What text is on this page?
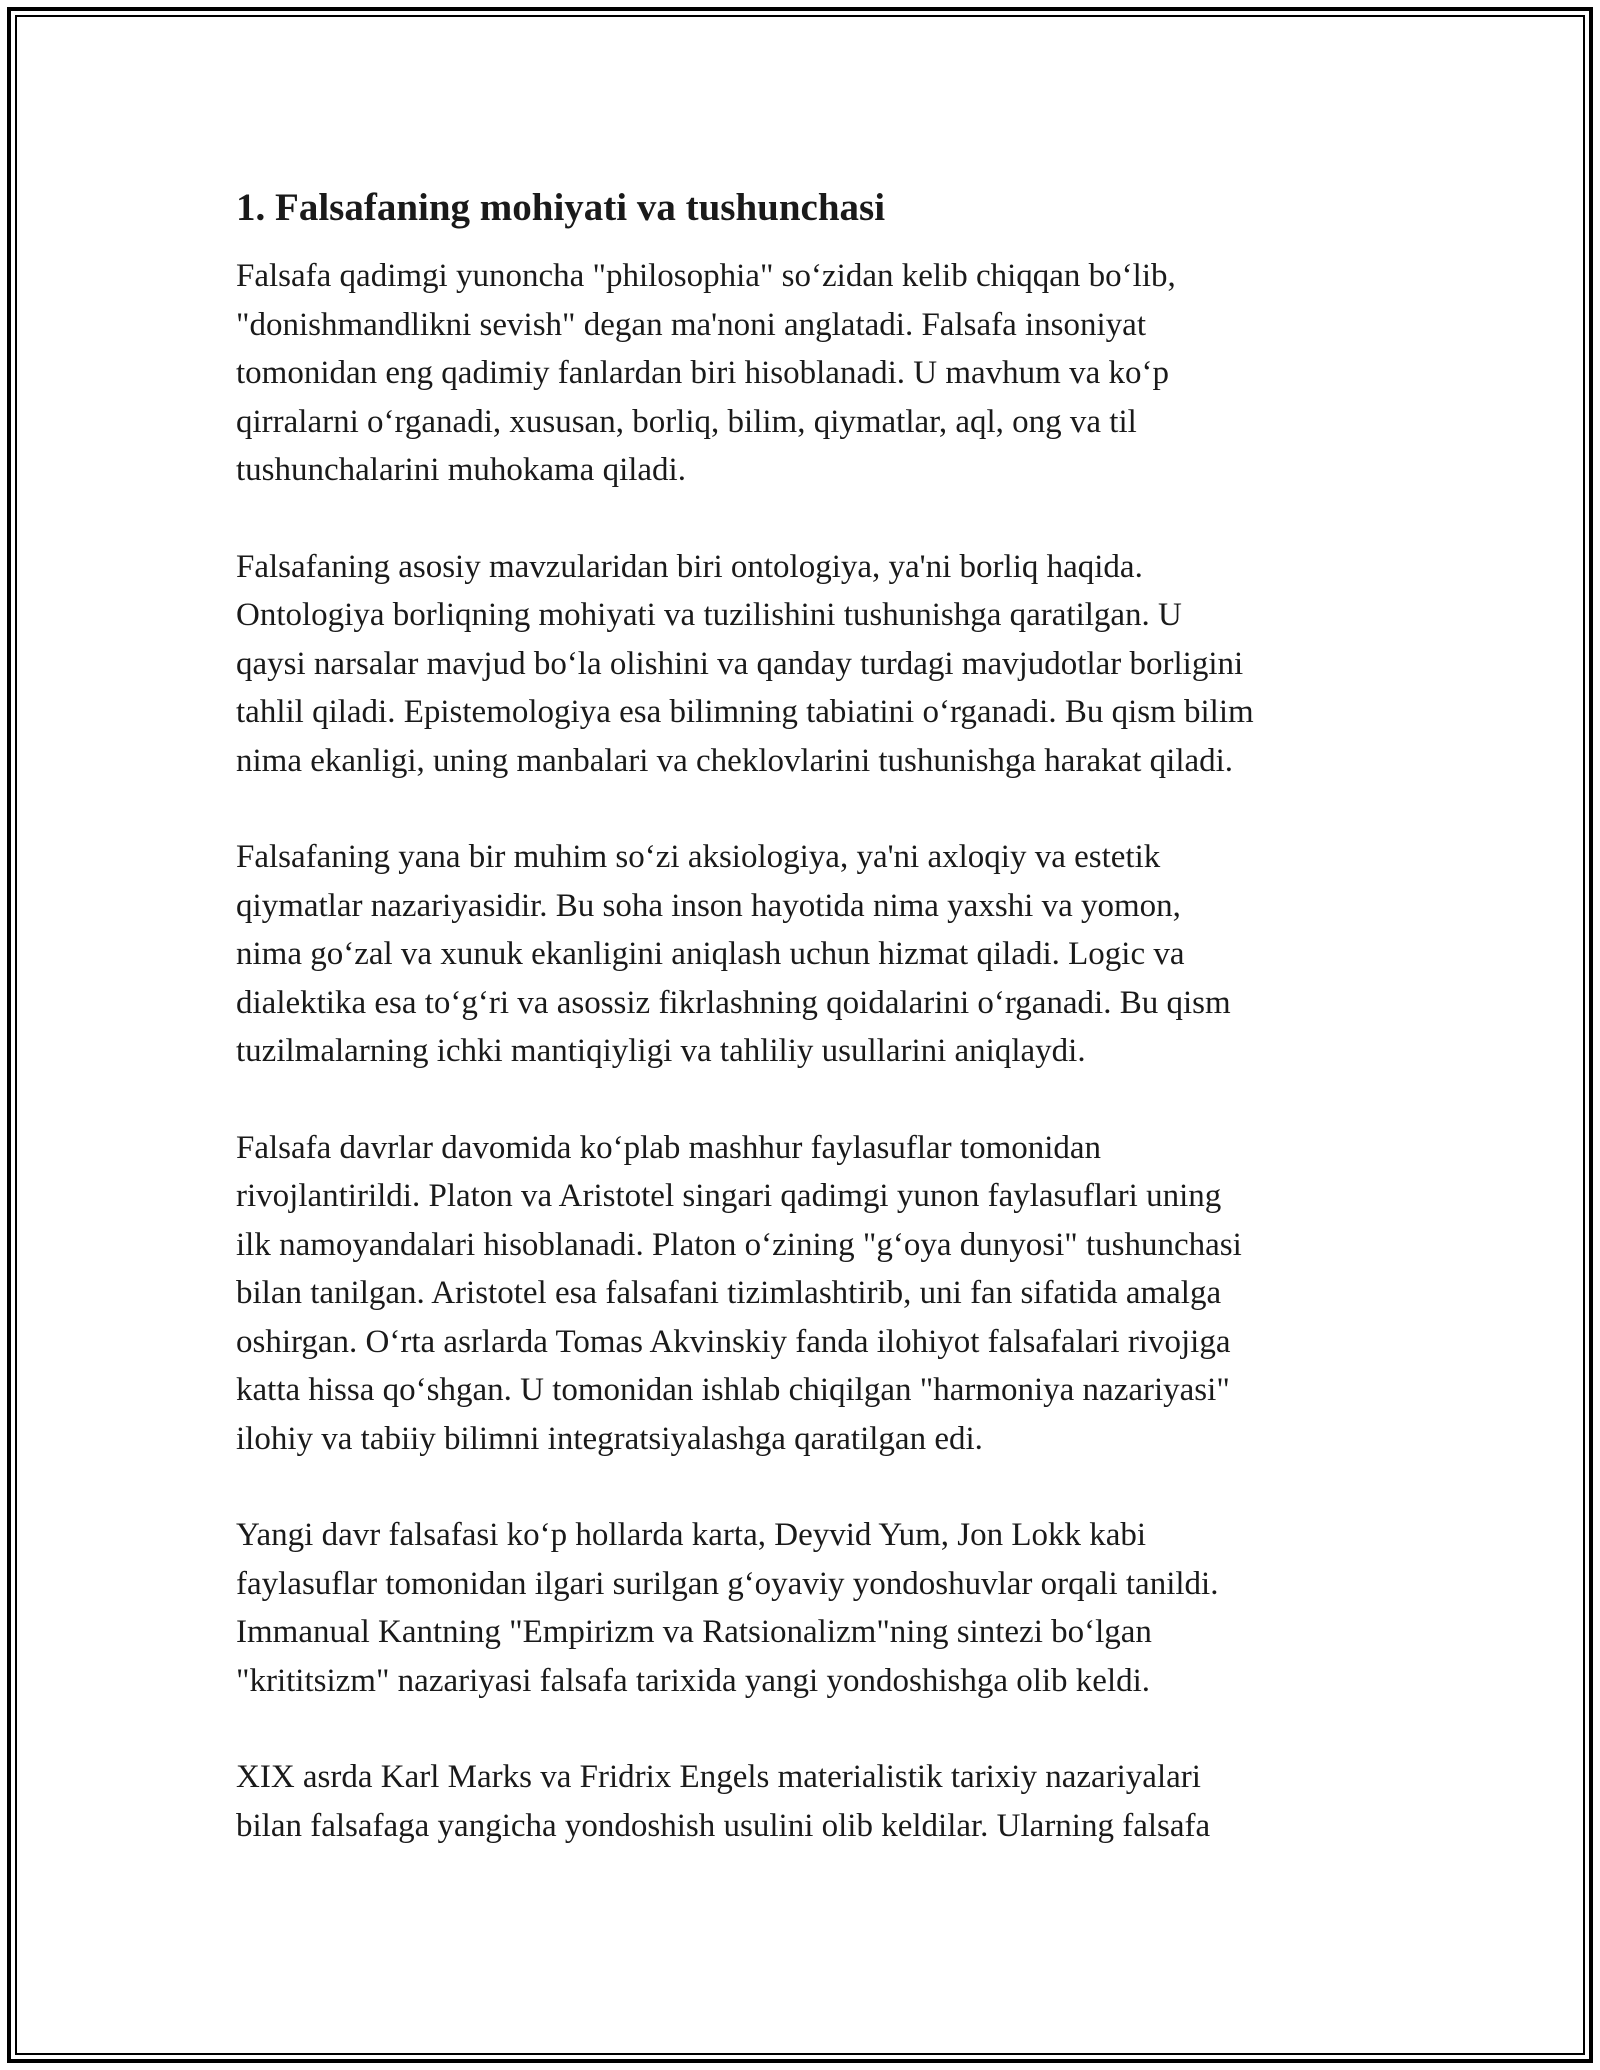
1. Falsafaning mohiyati va tushunchasi

Falsafa qadimgi yunoncha "philosophia" so‘zidan kelib chiqqan bo‘lib,
"donishmandlikni sevish" degan ma'noni anglatadi. Falsafa insoniyat
tomonidan eng qadimiy fanlardan biri hisoblanadi. U mavhum va ko‘p
qirralarni o‘rganadi, xususan, borliq, bilim, qiymatlar, aql, ong va til
tushunchalarini muhokama qiladi.

Falsafaning asosiy mavzularidan biri ontologiya, ya'ni borliq haqida.
Ontologiya borliqning mohiyati va tuzilishini tushunishga qaratilgan. U
qaysi narsalar mavjud bo‘la olishini va qanday turdagi mavjudotlar borligini
tahlil qiladi. Epistemologiya esa bilimning tabiatini o‘rganadi. Bu qism bilim
nima ekanligi, uning manbalari va cheklovlarini tushunishga harakat qiladi.

Falsafaning yana bir muhim so‘zi aksiologiya, ya'ni axloqiy va estetik
qiymatlar nazariyasidir. Bu soha inson hayotida nima yaxshi va yomon,
nima go‘zal va xunuk ekanligini aniqlash uchun hizmat qiladi. Logic va
dialektika esa to‘g‘ri va asossiz fikrlashning qoidalarini o‘rganadi. Bu qism
tuzilmalarning ichki mantiqiyligi va tahliliy usullarini aniqlaydi.

Falsafa davrlar davomida ko‘plab mashhur faylasuflar tomonidan
rivojlantirildi. Platon va Aristotel singari qadimgi yunon faylasuflari uning
ilk namoyandalari hisoblanadi. Platon o‘zining "g‘oya dunyosi" tushunchasi
bilan tanilgan. Aristotel esa falsafani tizimlashtirib, uni fan sifatida amalga
oshirgan. O‘rta asrlarda Tomas Akvinskiy fanda ilohiyot falsafalari rivojiga
katta hissa qo‘shgan. U tomonidan ishlab chiqilgan "harmoniya nazariyasi"
ilohiy va tabiiy bilimni integratsiyalashga qaratilgan edi.

Yangi davr falsafasi ko‘p hollarda karta, Deyvid Yum, Jon Lokk kabi
faylasuflar tomonidan ilgari surilgan g‘oyaviy yondoshuvlar orqali tanildi.
Immanual Kantning "Empirizm va Ratsionalizm"ning sintezi bo‘lgan
"krititsizm" nazariyasi falsafa tarixida yangi yondoshishga olib keldi.

XIX asrda Karl Marks va Fridrix Engels materialistik tarixiy nazariyalari
bilan falsafaga yangicha yondoshish usulini olib keldilar. Ularning falsafa
